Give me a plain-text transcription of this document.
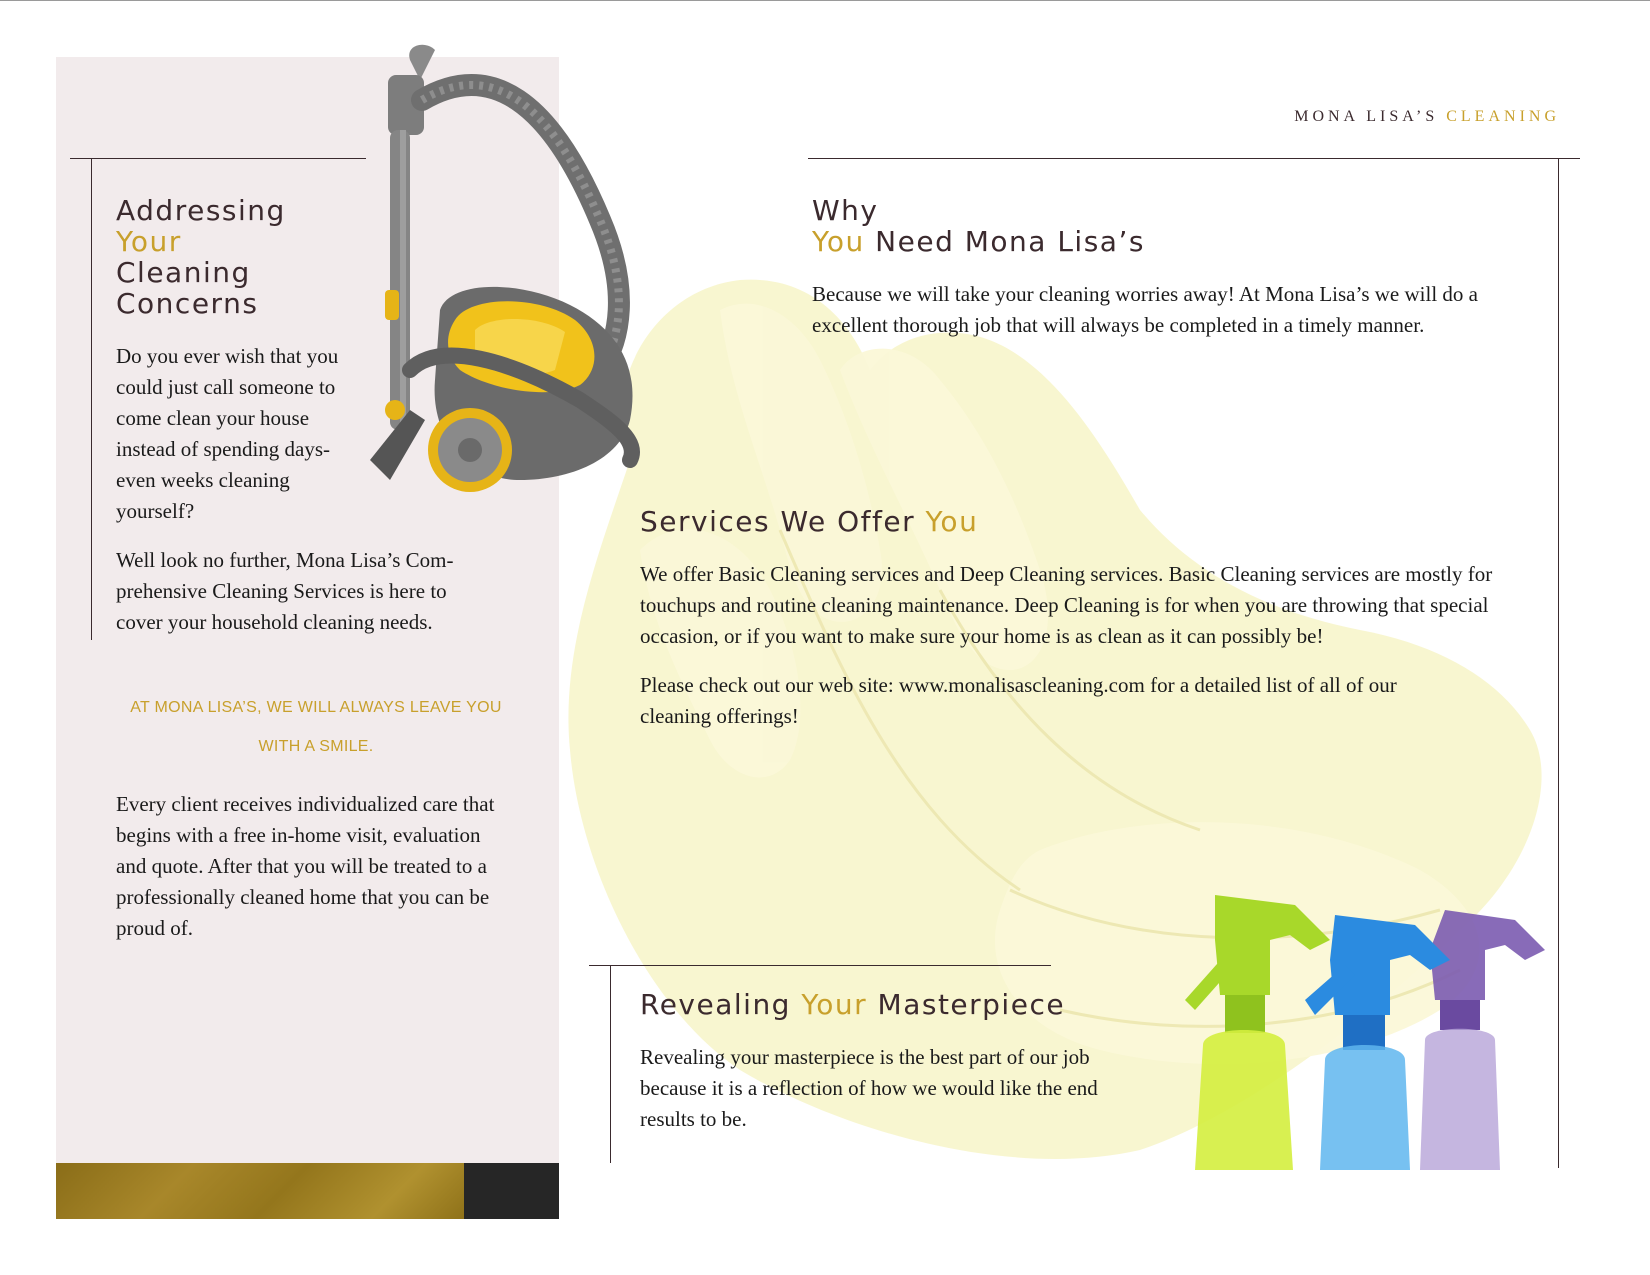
Addressing
Your
Cleaning
Concerns

Do you ever wish that you could just call someone to come clean your house instead of spending days-even weeks cleaning yourself?

Well look no further, Mona Lisa’s Com-prehensive Cleaning Services is here to cover your household cleaning needs.

AT MONA LISA’S, WE WILL ALWAYS LEAVE YOU WITH A SMILE.

Every client receives individualized care that begins with a free in-home visit, evaluation and quote. After that you will be treated to a professionally cleaned home that you can be proud of.

MONA LISA’S CLEANING
Why
You Need Mona Lisa’s

Because we will take your cleaning worries away! At Mona Lisa’s we will do a excellent thorough job that will always be completed in a timely manner.

Services We Offer You

We offer Basic Cleaning services and Deep Cleaning services. Basic Cleaning services are mostly for touchups and routine cleaning maintenance. Deep Cleaning is for when you are throwing that special occasion, or if you want to make sure your home is as clean as it can possibly be!

Please check out our web site: www.monalisascleaning.com for a detailed list of all of our cleaning offerings!

Revealing Your Masterpiece

Revealing your masterpiece is the best part of our job because it is a reflection of how we would like the end results to be.
